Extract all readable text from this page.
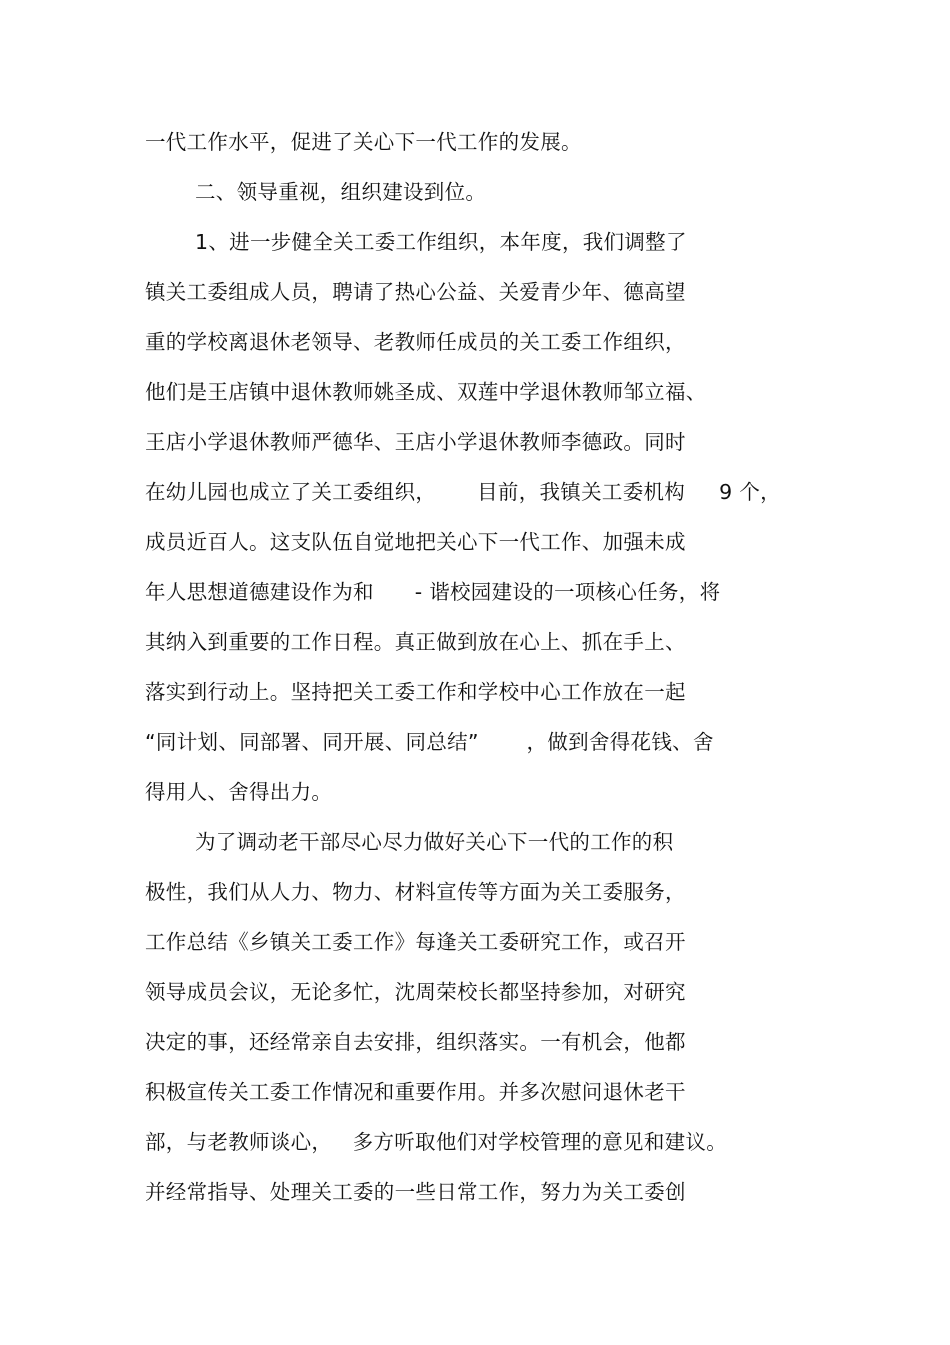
一代工作水平，促进了关心下一代工作的发展。
二、领导重视，组织建设到位。
1、进一步健全关工委工作组织，本年度，我们调整了
镇关工委组成人员，聘请了热心公益、关爱青少年、德高望
重的学校离退休老领导、老教师任成员的关工委工作组织，
他们是王店镇中退休教师姚圣成、双莲中学退休教师邹立福、
王店小学退休教师严德华、王店小学退休教师李德政。同时
在幼儿园也成立了关工委组织，      目前，我镇关工委机构     9 个，
成员近百人。这支队伍自觉地把关心下一代工作、加强未成
年人思想道德建设作为和      - 谐校园建设的一项核心任务，将
其纳入到重要的工作日程。真正做到放在心上、抓在手上、
落实到行动上。坚持把关工委工作和学校中心工作放在一起
“同计划、同部署、同开展、同总结”       ，做到舍得花钱、舍
得用人、舍得出力。
为了调动老干部尽心尽力做好关心下一代的工作的积
极性，我们从人力、物力、材料宣传等方面为关工委服务，
工作总结《乡镇关工委工作》每逢关工委研究工作，或召开
领导成员会议，无论多忙，沈周荣校长都坚持参加，对研究
决定的事，还经常亲自去安排，组织落实。一有机会，他都
积极宣传关工委工作情况和重要作用。并多次慰问退休老干
部，与老教师谈心，   多方听取他们对学校管理的意见和建议。
并经常指导、处理关工委的一些日常工作，努力为关工委创
